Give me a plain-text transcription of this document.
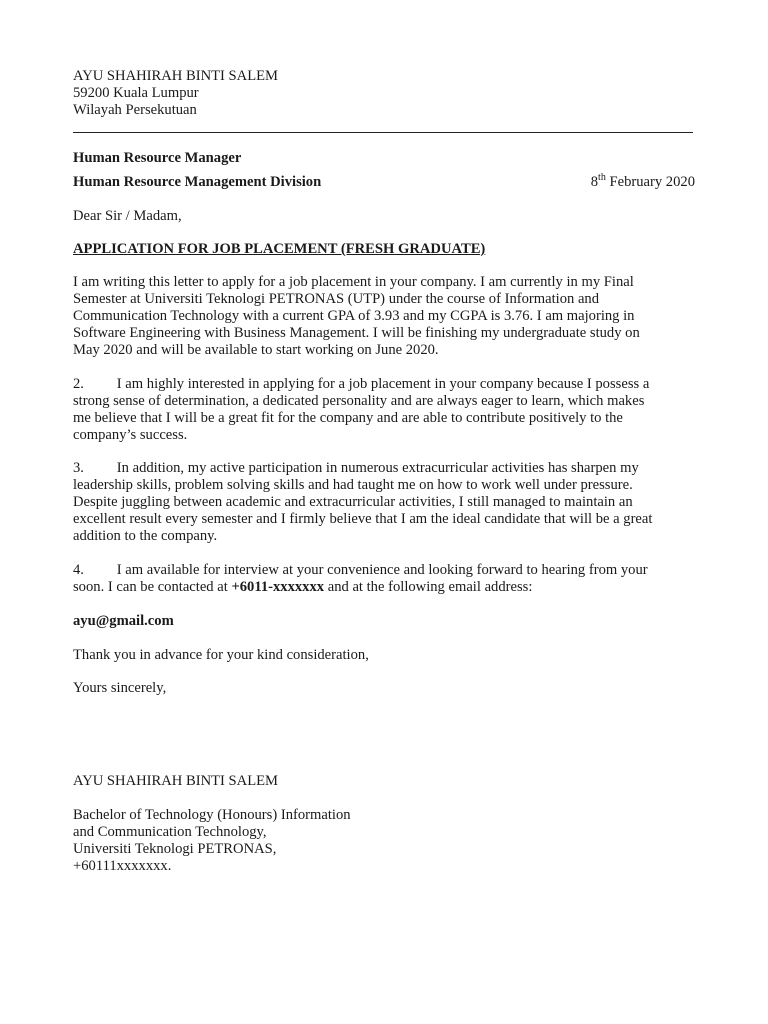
AYU SHAHIRAH BINTI SALEM
59200 Kuala Lumpur
Wilayah Persekutuan
Human Resource Manager
Human Resource Management Division	8th February 2020
Dear Sir / Madam,
APPLICATION FOR JOB PLACEMENT (FRESH GRADUATE)
I am writing this letter to apply for a job placement in your company. I am currently in my Final
Semester at Universiti Teknologi PETRONAS (UTP) under the course of Information and
Communication Technology with a current GPA of 3.93 and my CGPA is 3.76. I am majoring in
Software Engineering with Business Management. I will be finishing my undergraduate study on
May 2020 and will be available to start working on June 2020.
2.   I am highly interested in applying for a job placement in your company because I possess a
strong sense of determination, a dedicated personality and are always eager to learn, which makes
me believe that I will be a great fit for the company and are able to contribute positively to the
company’s success.
3.   In addition, my active participation in numerous extracurricular activities has sharpen my
leadership skills, problem solving skills and had taught me on how to work well under pressure.
Despite juggling between academic and extracurricular activities, I still managed to maintain an
excellent result every semester and I firmly believe that I am the ideal candidate that will be a great
addition to the company.
4.   I am available for interview at your convenience and looking forward to hearing from your
soon. I can be contacted at +6011-xxxxxxx and at the following email address:
ayu@gmail.com
Thank you in advance for your kind consideration,
Yours sincerely,
AYU SHAHIRAH BINTI SALEM
Bachelor of Technology (Honours) Information
and Communication Technology,
Universiti Teknologi PETRONAS,
+60111xxxxxxx.
